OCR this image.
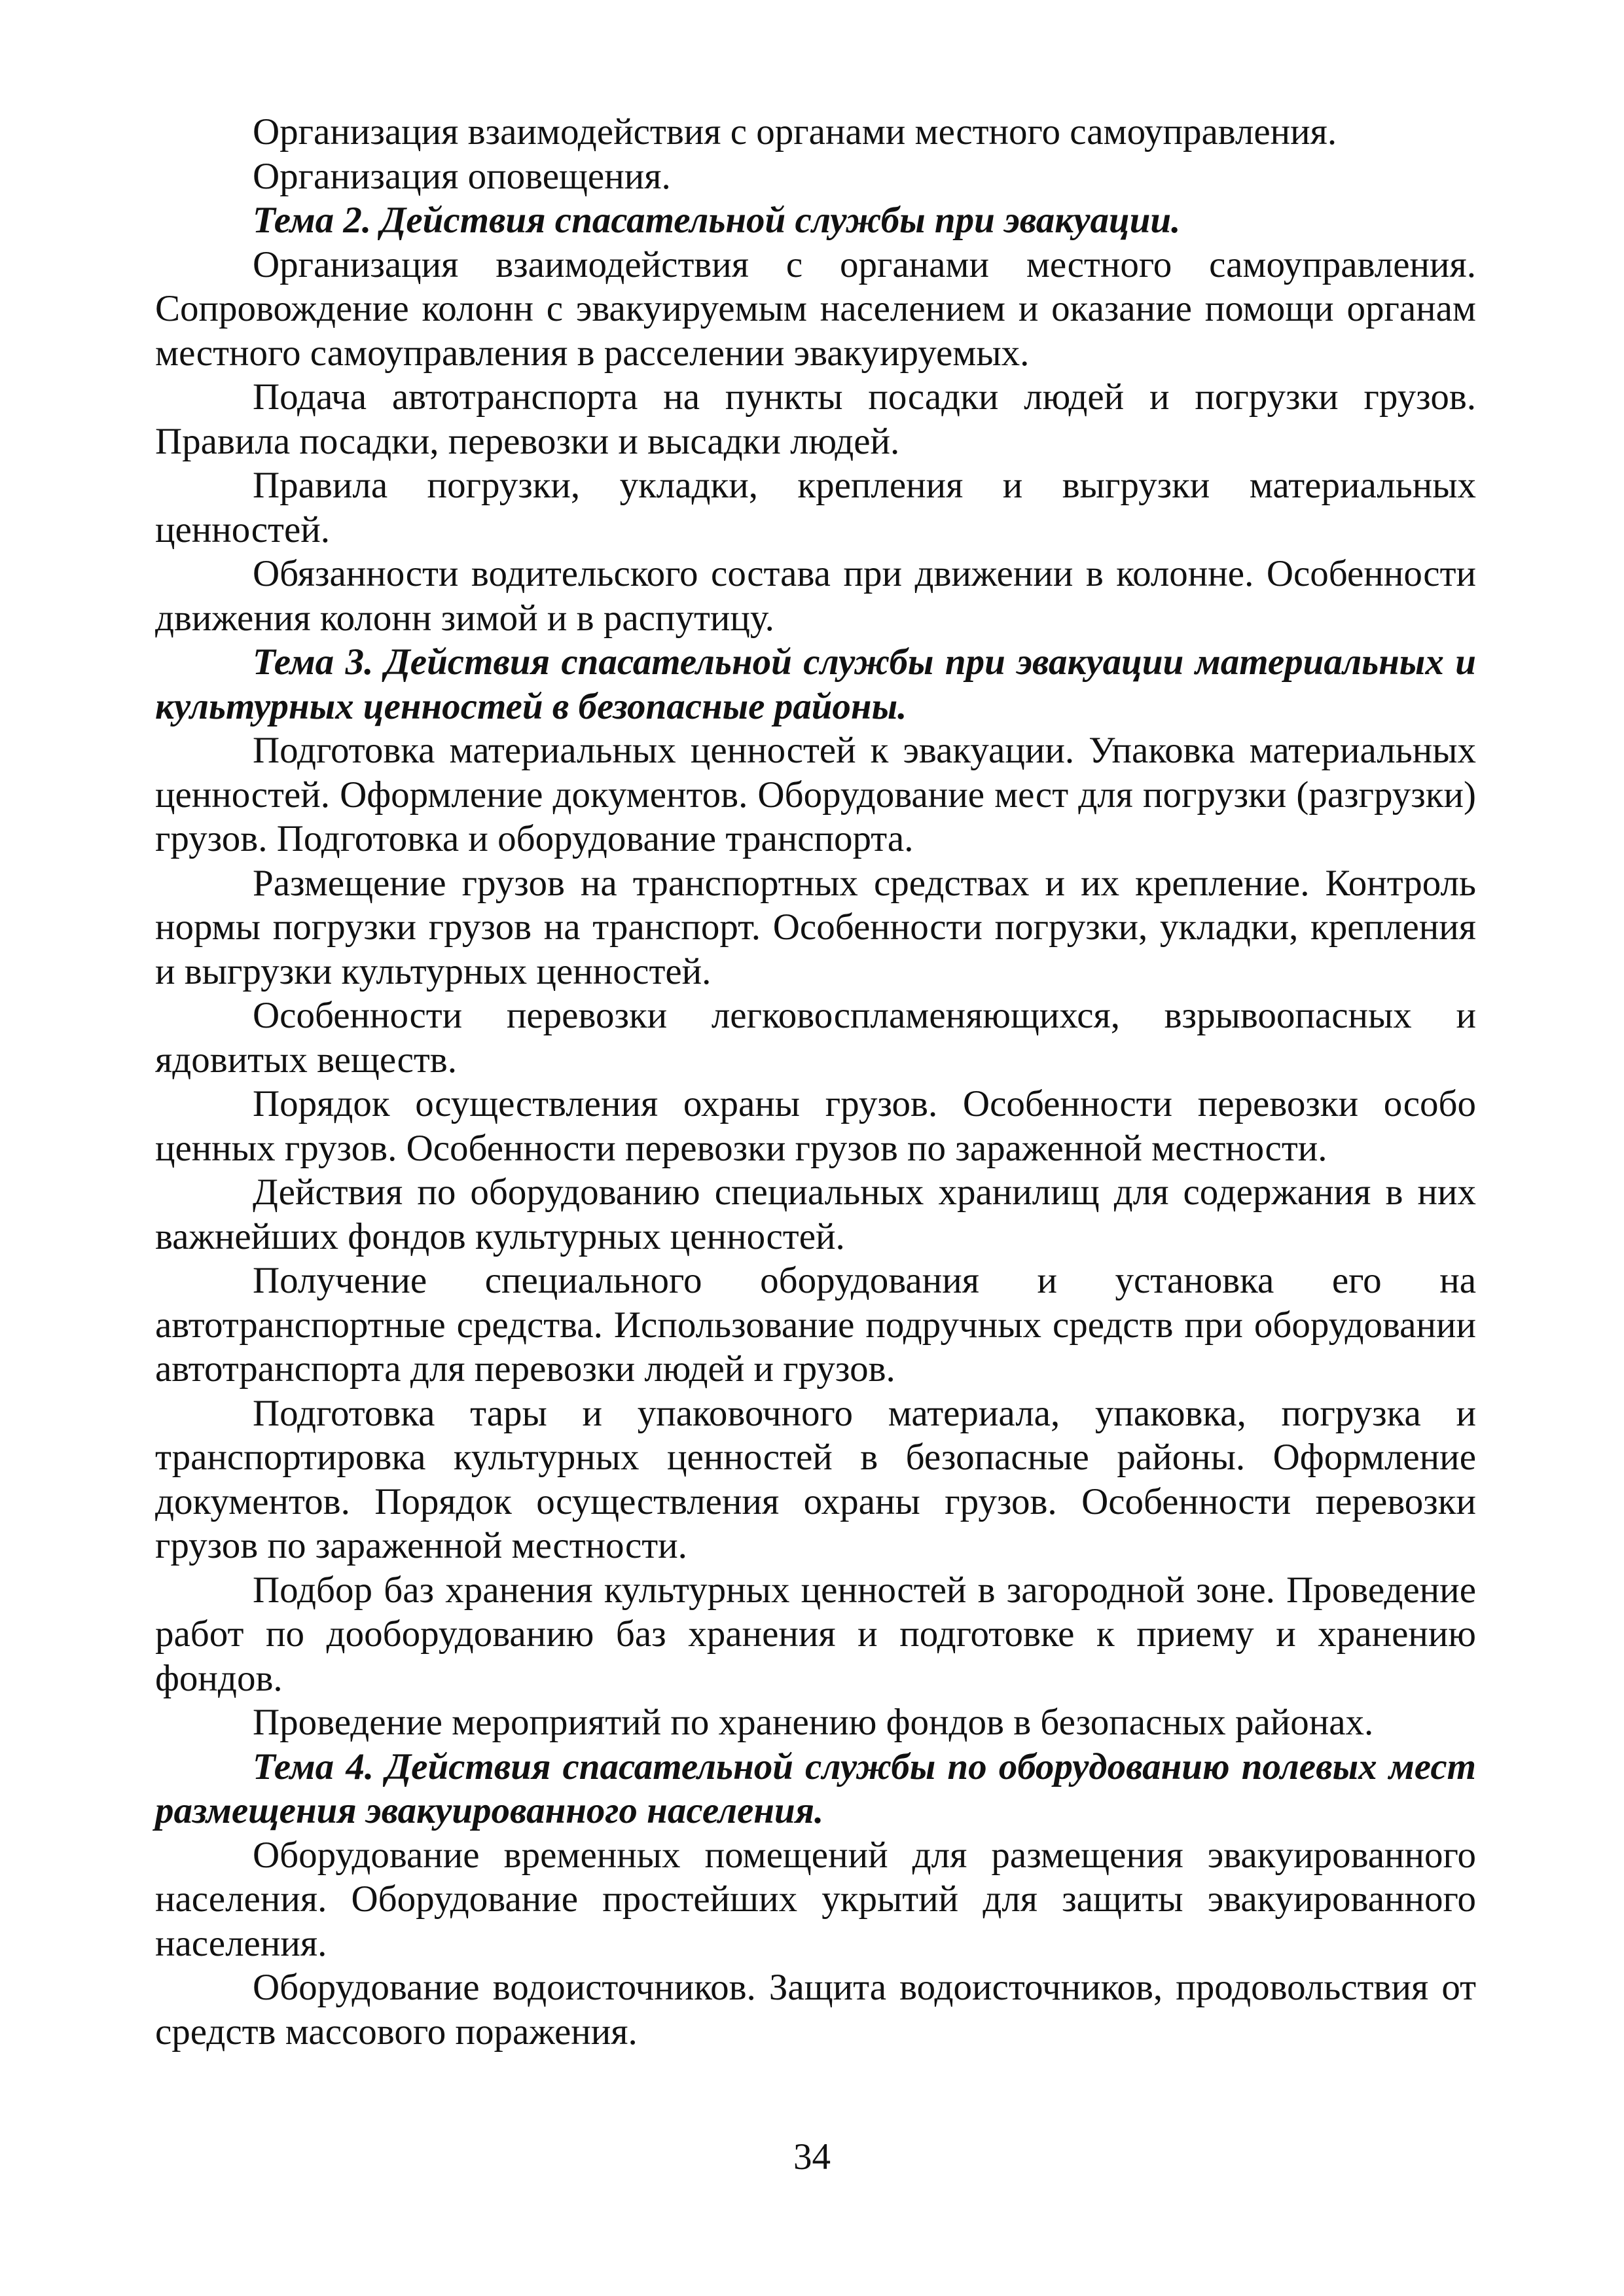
Организация взаимодействия с органами местного самоуправления.

Организация оповещения.

Тема 2. Действия спасательной службы при эвакуации.

Организация взаимодействия с органами местного самоуправления. Сопровождение колонн с эвакуируемым населением и оказание помощи органам местного самоуправления в расселении эвакуируемых.

Подача автотранспорта на пункты посадки людей и погрузки грузов. Правила посадки, перевозки и высадки людей.

Правила погрузки, укладки, крепления и выгрузки материальных ценностей.

Обязанности водительского состава при движении в колонне. Особенности движения колонн зимой и в распутицу.

Тема 3. Действия спасательной службы при эвакуации материальных и культурных ценностей в безопасные районы.

Подготовка материальных ценностей к эвакуации. Упаковка материальных ценностей. Оформление документов. Оборудование мест для погрузки (разгрузки) грузов. Подготовка и оборудование транспорта.

Размещение грузов на транспортных средствах и их крепление. Контроль нормы погрузки грузов на транспорт. Особенности погрузки, укладки, крепления и выгрузки культурных ценностей.

Особенности перевозки легковоспламеняющихся, взрывоопасных и ядовитых веществ.

Порядок осуществления охраны грузов. Особенности перевозки особо ценных грузов. Особенности перевозки грузов по зараженной местности.

Действия по оборудованию специальных хранилищ для содержания в них важнейших фондов культурных ценностей.

Получение специального оборудования и установка его на автотранспортные средства. Использование подручных средств при оборудовании автотранспорта для перевозки людей и грузов.

Подготовка тары и упаковочного материала, упаковка, погрузка и транспортировка культурных ценностей в безопасные районы. Оформление документов. Порядок осуществления охраны грузов. Особенности перевозки грузов по зараженной местности.

Подбор баз хранения культурных ценностей в загородной зоне. Проведение работ по дооборудованию баз хранения и подготовке к приему и хранению фондов.

Проведение мероприятий по хранению фондов в безопасных районах.

Тема 4. Действия спасательной службы по оборудованию полевых мест размещения эвакуированного населения.

Оборудование временных помещений для размещения эвакуированного населения. Оборудование простейших укрытий для защиты эвакуированного населения.

Оборудование водоисточников. Защита водоисточников, продовольствия от средств массового поражения.

34
